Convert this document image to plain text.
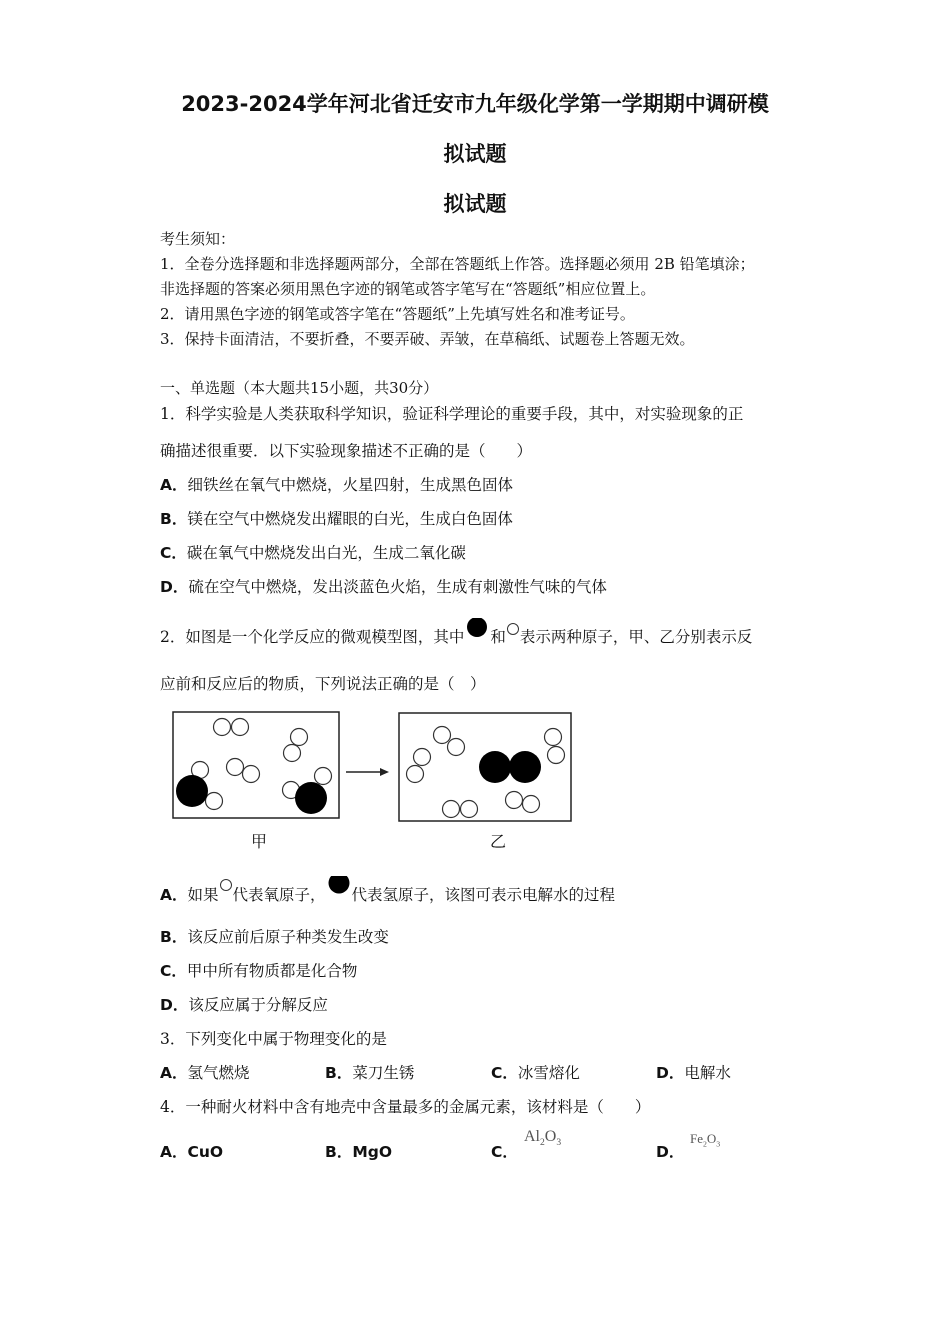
2023-2024学年河北省迁安市九年级化学第一学期期中调研模
拟试题
拟试题
考生须知：
1．全卷分选择题和非选择题两部分，全部在答题纸上作答。选择题必须用 2B 铅笔填涂；
非选择题的答案必须用黑色字迹的钢笔或答字笔写在“答题纸”相应位置上。
2．请用黑色字迹的钢笔或答字笔在“答题纸”上先填写姓名和准考证号。
3．保持卡面清洁，不要折叠，不要弄破、弄皱，在草稿纸、试题卷上答题无效。
一、单选题（本大题共15小题，共30分）
1．科学实验是人类获取科学知识，验证科学理论的重要手段，其中，对实验现象的正
确描述很重要．以下实验现象描述不正确的是（　　）
A．细铁丝在氧气中燃烧，火星四射，生成黑色固体
B．镁在空气中燃烧发出耀眼的白光，生成白色固体
C．碳在氧气中燃烧发出白光，生成二氧化碳
D．硫在空气中燃烧，发出淡蓝色火焰，生成有刺激性气味的气体
2．如图是一个化学反应的微观模型图，其中 和 表示两种原子，甲、乙分别表示反
应前和反应后的物质，下列说法正确的是（　）
甲	乙
A．如果 代表氧原子， 代表氢原子，该图可表示电解水的过程
B．该反应前后原子种类发生改变
C．甲中所有物质都是化合物
D．该反应属于分解反应
3．下列变化中属于物理变化的是
A．氢气燃烧	B．菜刀生锈	C．冰雪熔化	D．电解水
4．一种耐火材料中含有地壳中含量最多的金属元素，该材料是（　　）
A．CuO	B．MgO	C．
$Al_2O_3$
D．
$Fe_2O_3$
